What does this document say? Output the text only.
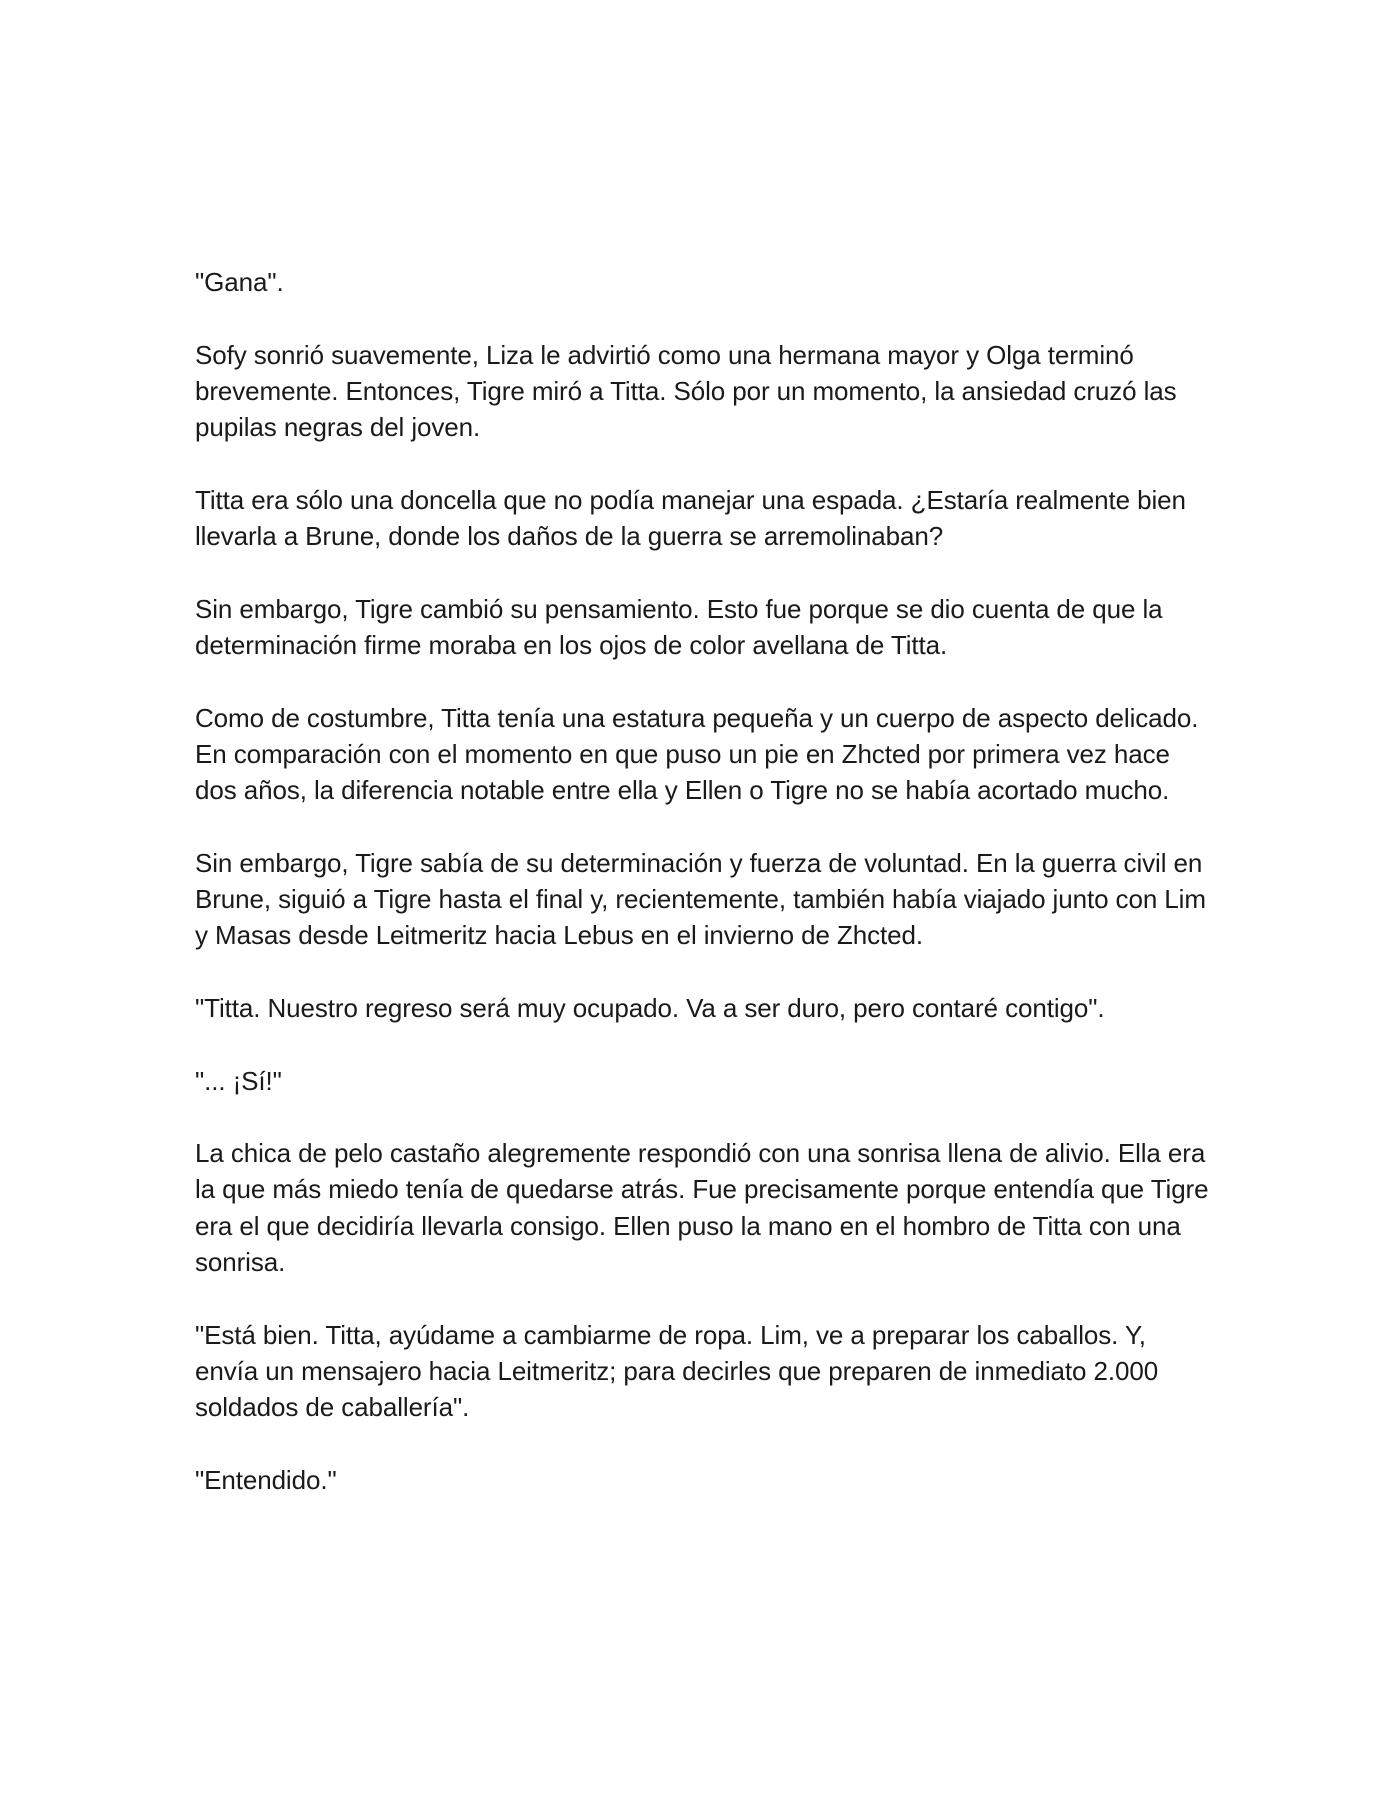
"Gana".

Sofy sonrió suavemente, Liza le advirtió como una hermana mayor y Olga terminó brevemente. Entonces, Tigre miró a Titta. Sólo por un momento, la ansiedad cruzó las pupilas negras del joven.

Titta era sólo una doncella que no podía manejar una espada. ¿Estaría realmente bien llevarla a Brune, donde los daños de la guerra se arremolinaban?

Sin embargo, Tigre cambió su pensamiento. Esto fue porque se dio cuenta de que la determinación firme moraba en los ojos de color avellana de Titta.

Como de costumbre, Titta tenía una estatura pequeña y un cuerpo de aspecto delicado. En comparación con el momento en que puso un pie en Zhcted por primera vez hace dos años, la diferencia notable entre ella y Ellen o Tigre no se había acortado mucho.

Sin embargo, Tigre sabía de su determinación y fuerza de voluntad. En la guerra civil en Brune, siguió a Tigre hasta el final y, recientemente, también había viajado junto con Lim y Masas desde Leitmeritz hacia Lebus en el invierno de Zhcted.

"Titta. Nuestro regreso será muy ocupado. Va a ser duro, pero contaré contigo".

"... ¡Sí!"

La chica de pelo castaño alegremente respondió con una sonrisa llena de alivio. Ella era la que más miedo tenía de quedarse atrás. Fue precisamente porque entendía que Tigre era el que decidiría llevarla consigo. Ellen puso la mano en el hombro de Titta con una sonrisa.

"Está bien. Titta, ayúdame a cambiarme de ropa. Lim, ve a preparar los caballos. Y, envía un mensajero hacia Leitmeritz; para decirles que preparen de inmediato 2.000 soldados de caballería".

"Entendido."
